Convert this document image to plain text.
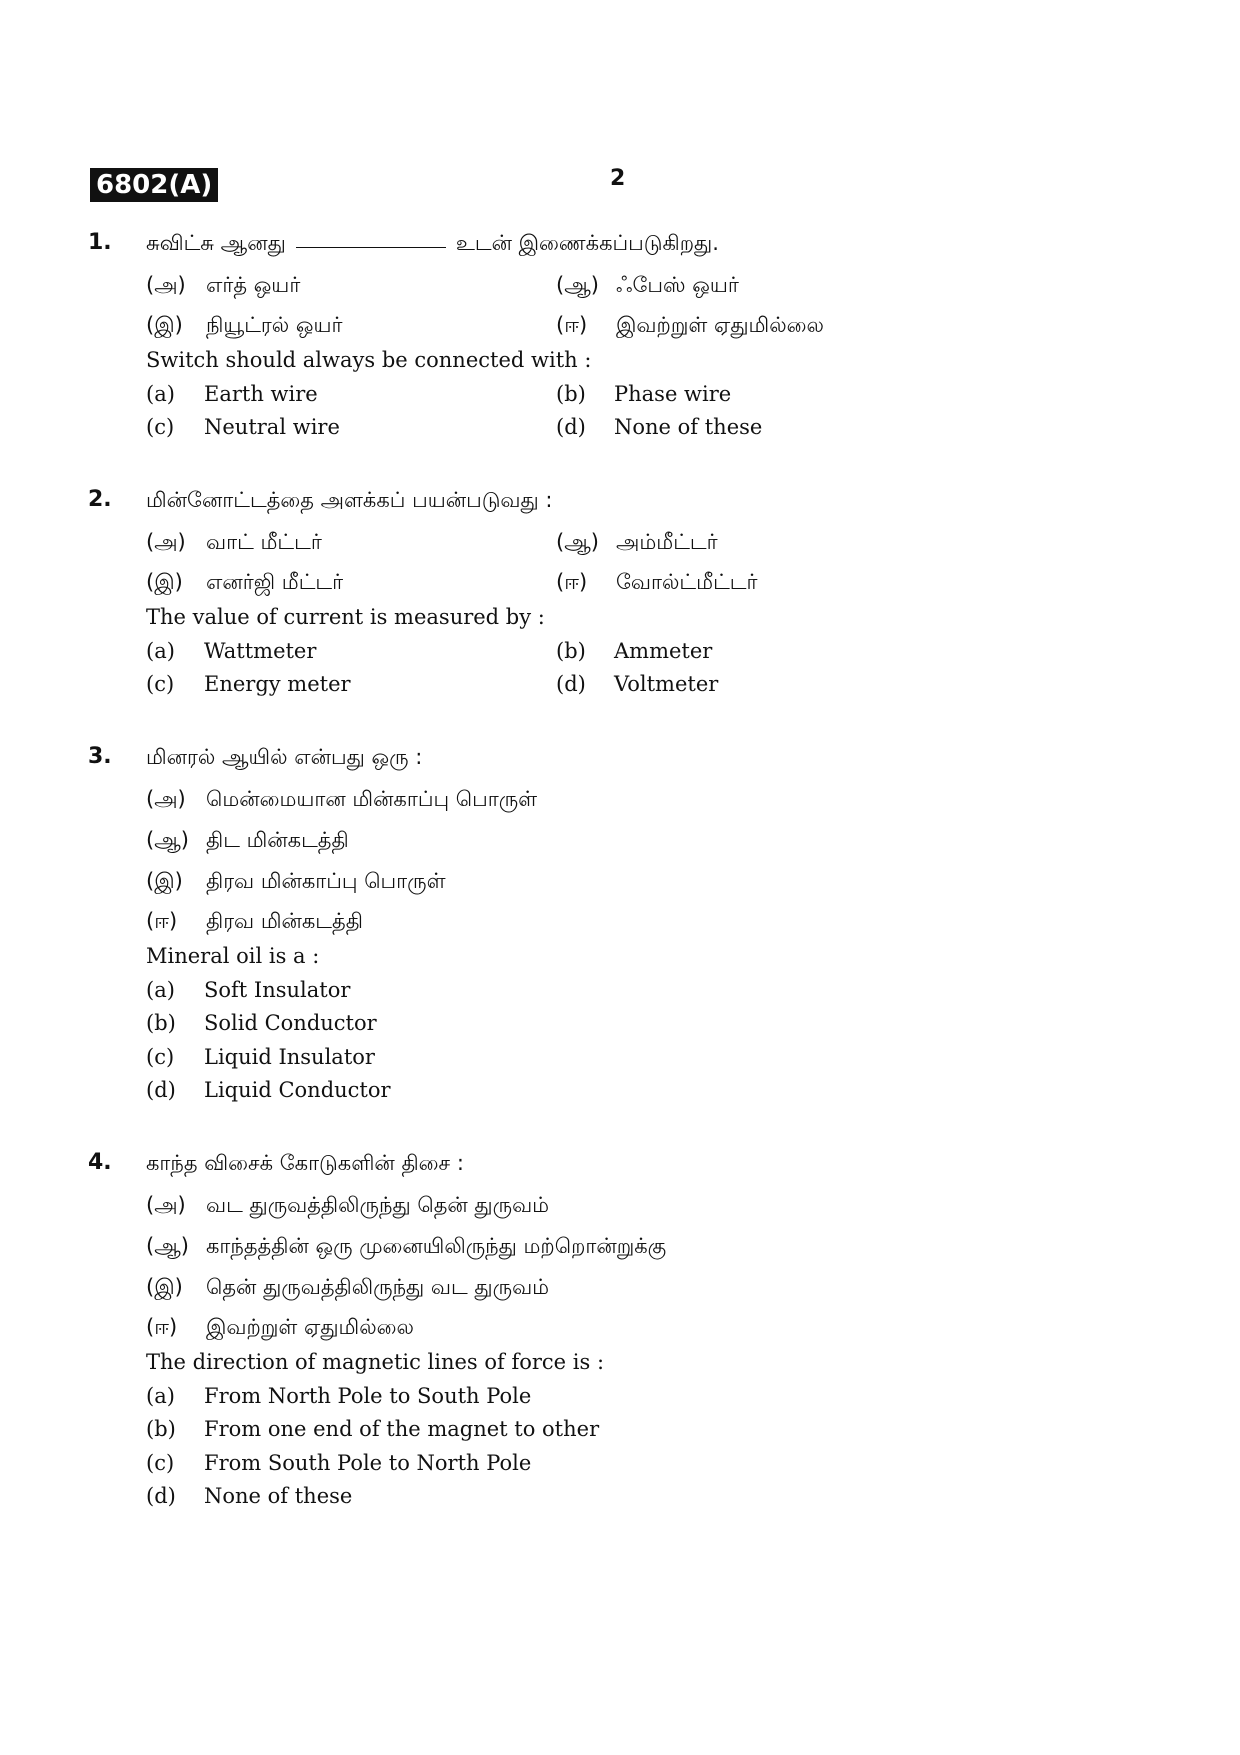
6802(A)	2
1.	சுவிட்சு ஆனது	உடன் இணைக்கப்படுகிறது.
(அ) எர்த் ஒயர்	(ஆ) ஃபேஸ் ஒயர்
(இ) நியூட்ரல் ஒயர்	(ஈ) இவற்றுள் ஏதுமில்லை
Switch should always be connected with :
(a) Earth wire	(b) Phase wire
(c) Neutral wire	(d) None of these
2.	மின்னோட்டத்தை அளக்கப் பயன்படுவது :
(அ) வாட் மீட்டர்	(ஆ) அம்மீட்டர்
(இ) எனர்ஜி மீட்டர்	(ஈ) வோல்ட்மீட்டர்
The value of current is measured by :
(a) Wattmeter	(b) Ammeter
(c) Energy meter	(d) Voltmeter
3.	மினரல் ஆயில் என்பது ஒரு :
(அ) மென்மையான மின்காப்பு பொருள்
(ஆ) திட மின்கடத்தி
(இ) திரவ மின்காப்பு பொருள்
(ஈ) திரவ மின்கடத்தி
Mineral oil is a :
(a) Soft Insulator
(b) Solid Conductor
(c) Liquid Insulator
(d) Liquid Conductor
4.	காந்த விசைக் கோடுகளின் திசை :
(அ) வட துருவத்திலிருந்து தென் துருவம்
(ஆ) காந்தத்தின் ஒரு முனையிலிருந்து மற்றொன்றுக்கு
(இ) தென் துருவத்திலிருந்து வட துருவம்
(ஈ) இவற்றுள் ஏதுமில்லை
The direction of magnetic lines of force is :
(a) From North Pole to South Pole
(b) From one end of the magnet to other
(c) From South Pole to North Pole
(d) None of these
